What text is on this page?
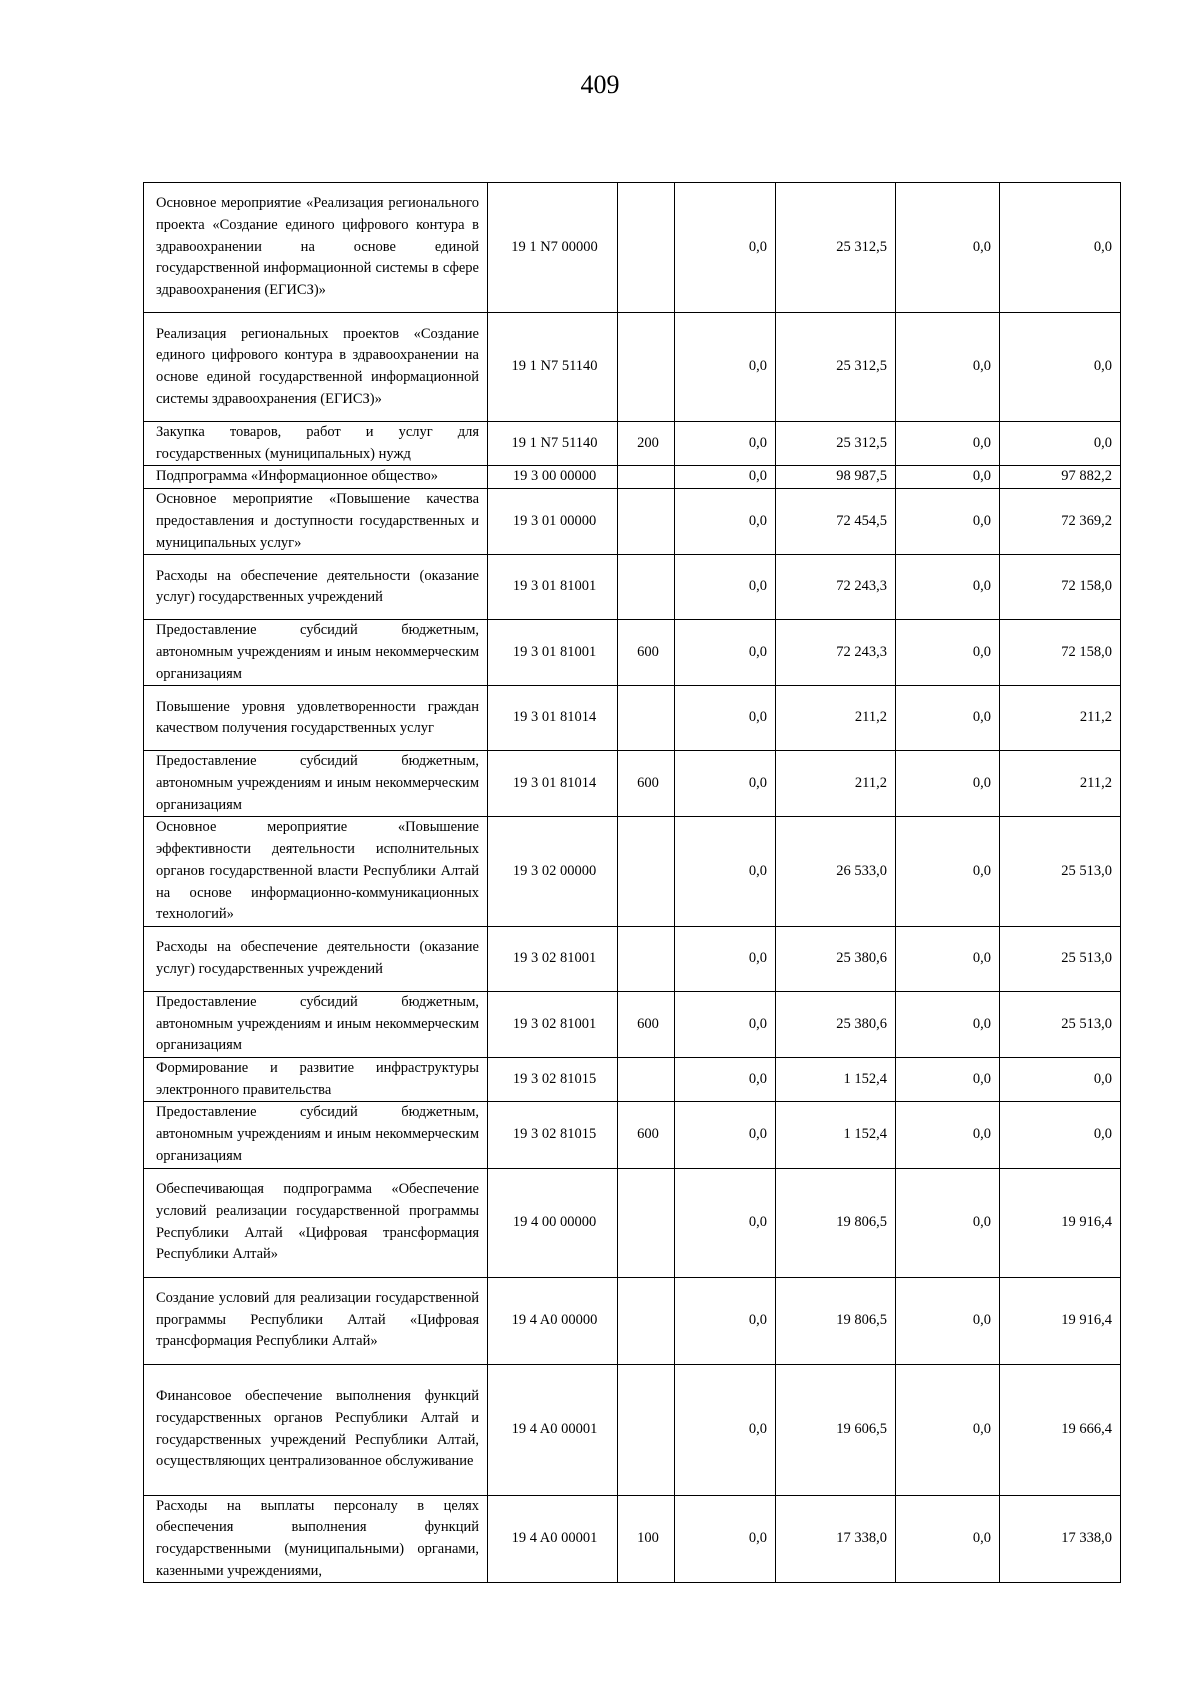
409
Основное мероприятие «Реализация регионального проекта «Создание единого цифрового контура в здравоохранении на основе единой государственной информационной системы в сфере здравоохранения (ЕГИСЗ)»	19 1 N7 00000		0,0	25 312,5	0,0	0,0
Реализация региональных проектов «Создание единого цифрового контура в здравоохранении на основе единой государственной информационной системы здравоохранения (ЕГИСЗ)»	19 1 N7 51140		0,0	25 312,5	0,0	0,0
Закупка товаров, работ и услуг для государственных (муниципальных) нужд	19 1 N7 51140	200	0,0	25 312,5	0,0	0,0
Подпрограмма «Информационное общество»	19 3 00 00000		0,0	98 987,5	0,0	97 882,2
Основное мероприятие «Повышение качества предоставления и доступности государственных и муниципальных услуг»	19 3 01 00000		0,0	72 454,5	0,0	72 369,2
Расходы на обеспечение деятельности (оказание услуг) государственных учреждений	19 3 01 81001		0,0	72 243,3	0,0	72 158,0
Предоставление субсидий бюджетным, автономным учреждениям и иным некоммерческим организациям	19 3 01 81001	600	0,0	72 243,3	0,0	72 158,0
Повышение уровня удовлетворенности граждан качеством получения государственных услуг	19 3 01 81014		0,0	211,2	0,0	211,2
Предоставление субсидий бюджетным, автономным учреждениям и иным некоммерческим организациям	19 3 01 81014	600	0,0	211,2	0,0	211,2
Основное мероприятие «Повышение эффективности деятельности исполнительных органов государственной власти Республики Алтай на основе информационно-коммуникационных технологий»	19 3 02 00000		0,0	26 533,0	0,0	25 513,0
Расходы на обеспечение деятельности (оказание услуг) государственных учреждений	19 3 02 81001		0,0	25 380,6	0,0	25 513,0
Предоставление субсидий бюджетным, автономным учреждениям и иным некоммерческим организациям	19 3 02 81001	600	0,0	25 380,6	0,0	25 513,0
Формирование и развитие инфраструктуры электронного правительства	19 3 02 81015		0,0	1 152,4	0,0	0,0
Предоставление субсидий бюджетным, автономным учреждениям и иным некоммерческим организациям	19 3 02 81015	600	0,0	1 152,4	0,0	0,0
Обеспечивающая подпрограмма «Обеспечение условий реализации государственной программы Республики Алтай «Цифровая трансформация Республики Алтай»	19 4 00 00000		0,0	19 806,5	0,0	19 916,4
Создание условий для реализации государственной программы Республики Алтай «Цифровая трансформация Республики Алтай»	19 4 A0 00000		0,0	19 806,5	0,0	19 916,4
Финансовое обеспечение выполнения функций государственных органов Республики Алтай и государственных учреждений Республики Алтай, осуществляющих централизованное обслуживание	19 4 A0 00001		0,0	19 606,5	0,0	19 666,4
Расходы на выплаты персоналу в целях обеспечения выполнения функций государственными (муниципальными) органами, казенными учреждениями,	19 4 A0 00001	100	0,0	17 338,0	0,0	17 338,0
